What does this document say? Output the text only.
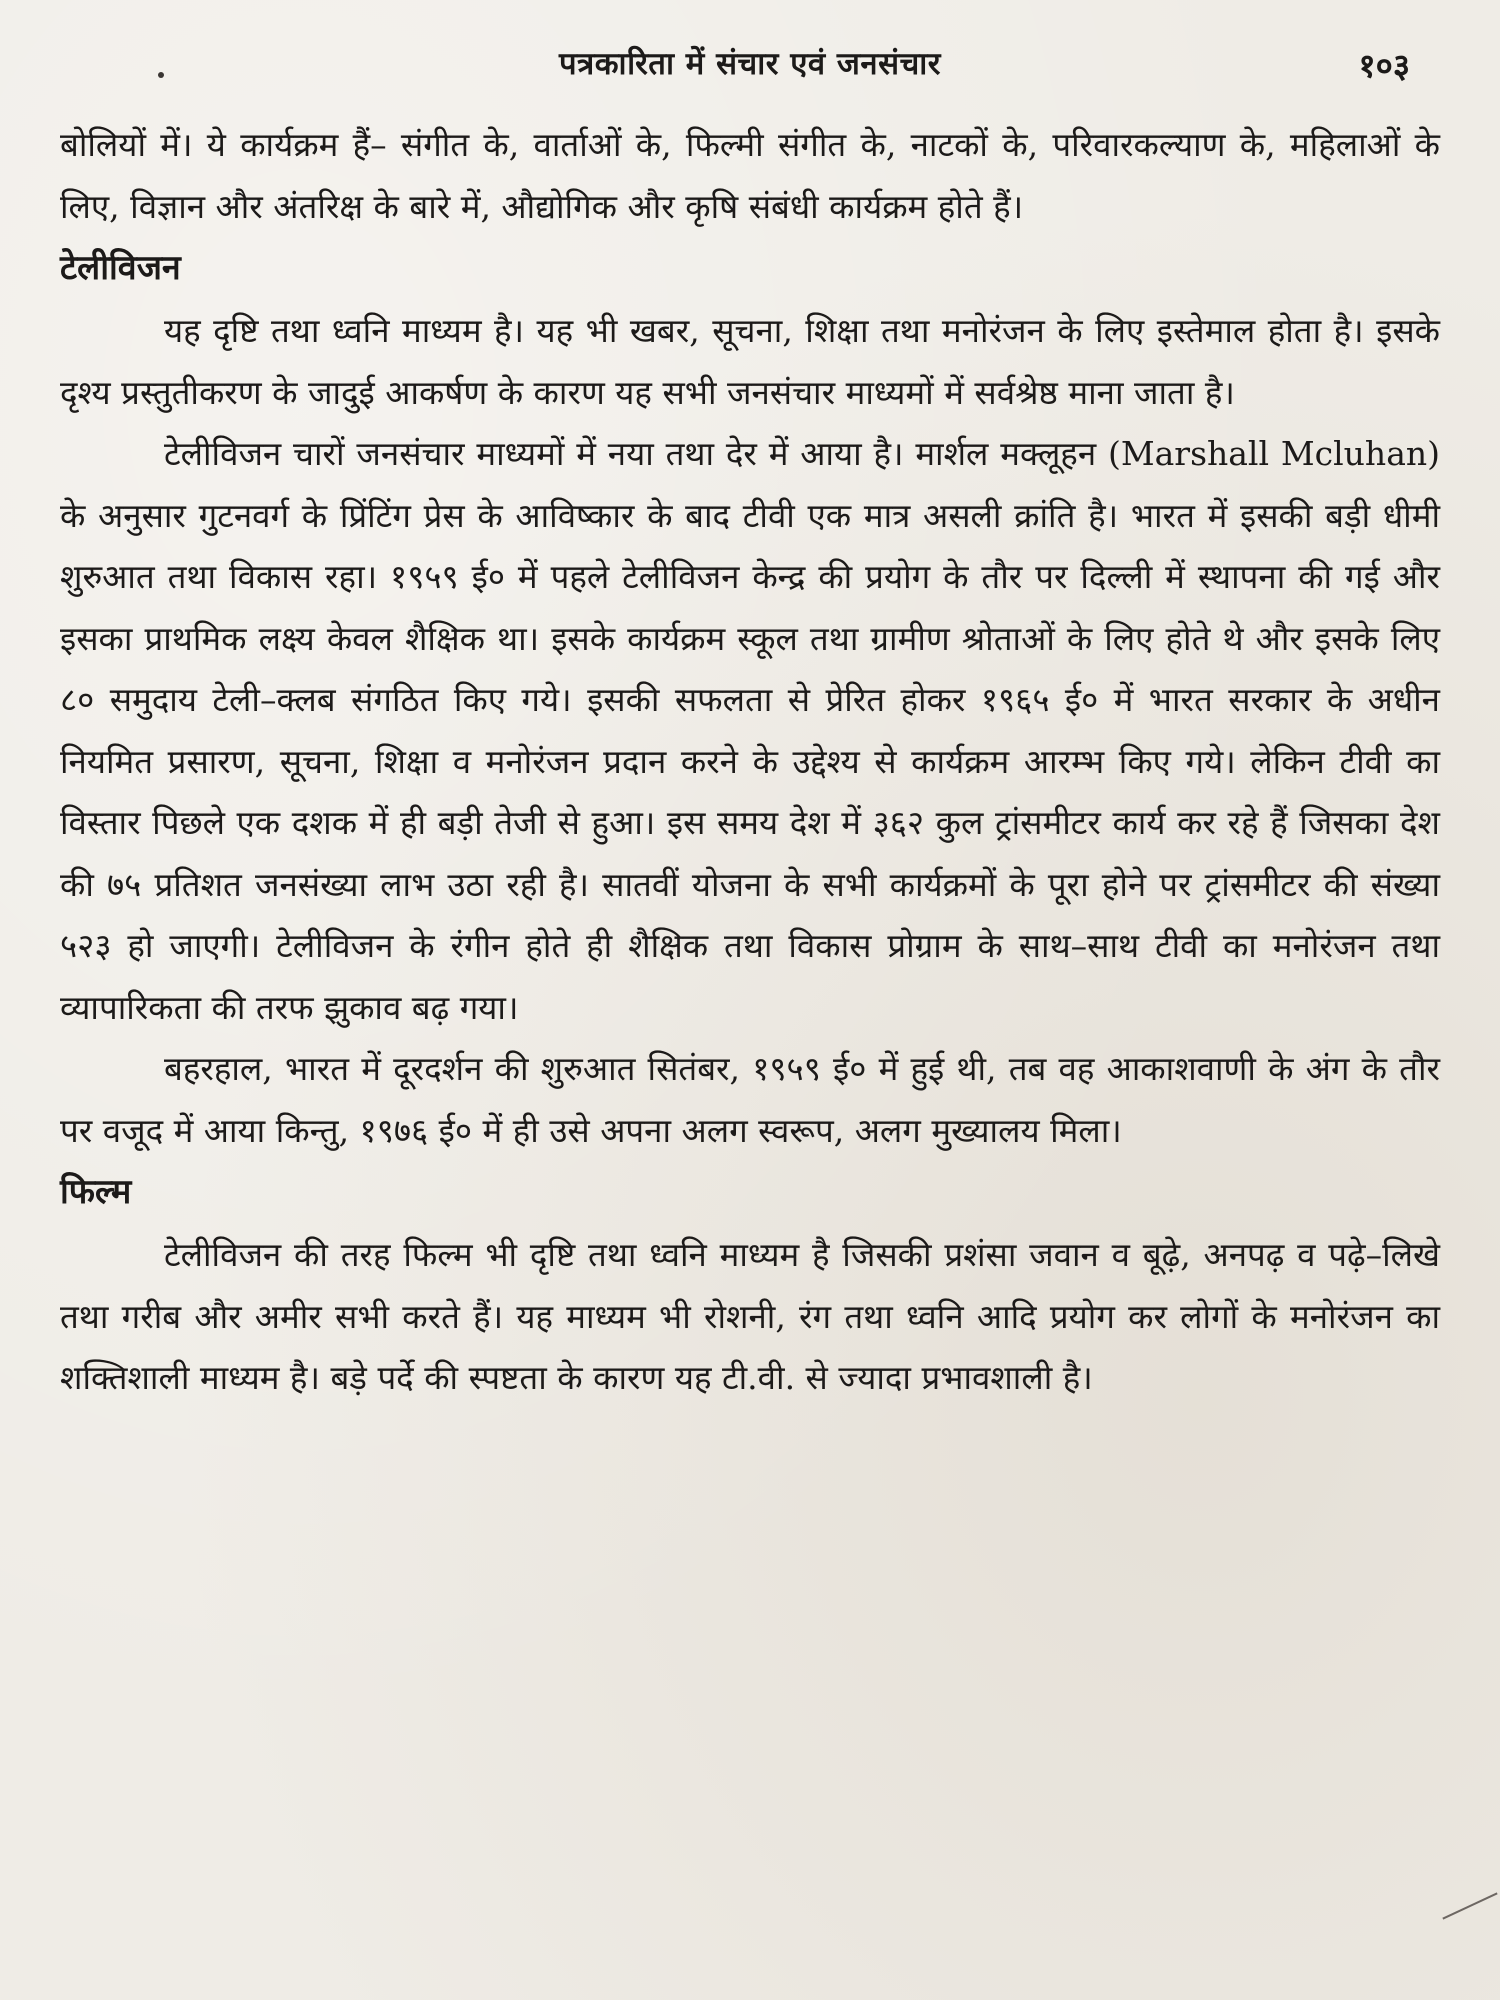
पत्रकारिता में संचार एवं जनसंचार	१०३

बोलियों में। ये कार्यक्रम हैं– संगीत के, वार्ताओं के, फिल्मी संगीत के, नाटकों के, परिवारकल्याण के, महिलाओं के लिए, विज्ञान और अंतरिक्ष के बारे में, औद्योगिक और कृषि संबंधी कार्यक्रम होते हैं।

टेलीविजन

यह दृष्टि तथा ध्वनि माध्यम है। यह भी खबर, सूचना, शिक्षा तथा मनोरंजन के लिए इस्तेमाल होता है। इसके दृश्य प्रस्तुतीकरण के जादुई आकर्षण के कारण यह सभी जनसंचार माध्यमों में सर्वश्रेष्ठ माना जाता है।

टेलीविजन चारों जनसंचार माध्यमों में नया तथा देर में आया है। मार्शल मक्लूहन (Marshall Mcluhan) के अनुसार गुटनवर्ग के प्रिंटिंग प्रेस के आविष्कार के बाद टीवी एक मात्र असली क्रांति है। भारत में इसकी बड़ी धीमी शुरुआत तथा विकास रहा। १९५९ ई० में पहले टेलीविजन केन्द्र की प्रयोग के तौर पर दिल्ली में स्थापना की गई और इसका प्राथमिक लक्ष्य केवल शैक्षिक था। इसके कार्यक्रम स्कूल तथा ग्रामीण श्रोताओं के लिए होते थे और इसके लिए ८० समुदाय टेली–क्लब संगठित किए गये। इसकी सफलता से प्रेरित होकर १९६५ ई० में भारत सरकार के अधीन नियमित प्रसारण, सूचना, शिक्षा व मनोरंजन प्रदान करने के उद्देश्य से कार्यक्रम आरम्भ किए गये। लेकिन टीवी का विस्तार पिछले एक दशक में ही बड़ी तेजी से हुआ। इस समय देश में ३६२ कुल ट्रांसमीटर कार्य कर रहे हैं जिसका देश की ७५ प्रतिशत जनसंख्या लाभ उठा रही है। सातवीं योजना के सभी कार्यक्रमों के पूरा होने पर ट्रांसमीटर की संख्या ५२३ हो जाएगी। टेलीविजन के रंगीन होते ही शैक्षिक तथा विकास प्रोग्राम के साथ–साथ टीवी का मनोरंजन तथा व्यापारिकता की तरफ झुकाव बढ़ गया।

बहरहाल, भारत में दूरदर्शन की शुरुआत सितंबर, १९५९ ई० में हुई थी, तब वह आकाशवाणी के अंग के तौर पर वजूद में आया किन्तु, १९७६ ई० में ही उसे अपना अलग स्वरूप, अलग मुख्यालय मिला।

फिल्म

टेलीविजन की तरह फिल्म भी दृष्टि तथा ध्वनि माध्यम है जिसकी प्रशंसा जवान व बूढ़े, अनपढ़ व पढ़े–लिखे तथा गरीब और अमीर सभी करते हैं। यह माध्यम भी रोशनी, रंग तथा ध्वनि आदि प्रयोग कर लोगों के मनोरंजन का शक्तिशाली माध्यम है। बड़े पर्दे की स्पष्टता के कारण यह टी.वी. से ज्यादा प्रभावशाली है।
